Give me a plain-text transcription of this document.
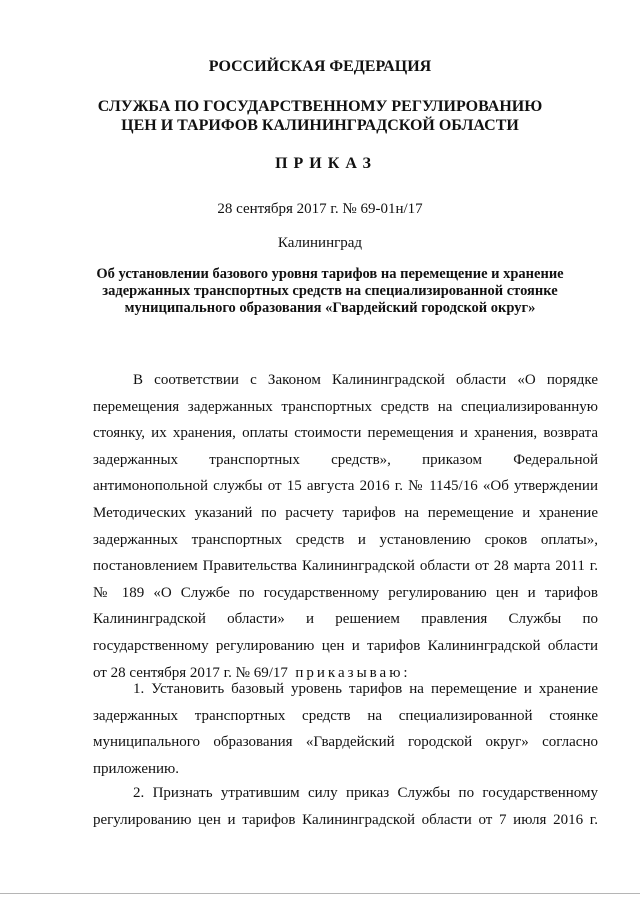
РОССИЙСКАЯ ФЕДЕРАЦИЯ

СЛУЖБА ПО ГОСУДАРСТВЕННОМУ РЕГУЛИРОВАНИЮ
ЦЕН И ТАРИФОВ КАЛИНИНГРАДСКОЙ ОБЛАСТИ

ПРИКАЗ

28 сентября 2017 г. № 69-01н/17

Калининград

Об установлении базового уровня тарифов на перемещение и хранение
задержанных транспортных средств на специализированной стоянке
муниципального образования «Гвардейский городской округ»

В соответствии с Законом Калининградской области «О порядке
перемещения задержанных транспортных средств на специализированную
стоянку, их хранения, оплаты стоимости перемещения и хранения, возврата
задержанных транспортных средств», приказом Федеральной
антимонопольной службы от 15 августа 2016 г. № 1145/16 «Об утверждении
Методических указаний по расчету тарифов на перемещение и хранение
задержанных транспортных средств и установлению сроков оплаты»,
постановлением Правительства Калининградской области от 28 марта 2011 г.
№ 189 «О Службе по государственному регулированию цен и тарифов
Калининградской области» и решением правления Службы по
государственному регулированию цен и тарифов Калининградской области
от 28 сентября 2017 г. № 69/17 приказываю:
1. Установить базовый уровень тарифов на перемещение и хранение
задержанных транспортных средств на специализированной стоянке
муниципального образования «Гвардейский городской округ» согласно
приложению.
2. Признать утратившим силу приказ Службы по государственному
регулированию цен и тарифов Калининградской области от 7 июля 2016 г.
